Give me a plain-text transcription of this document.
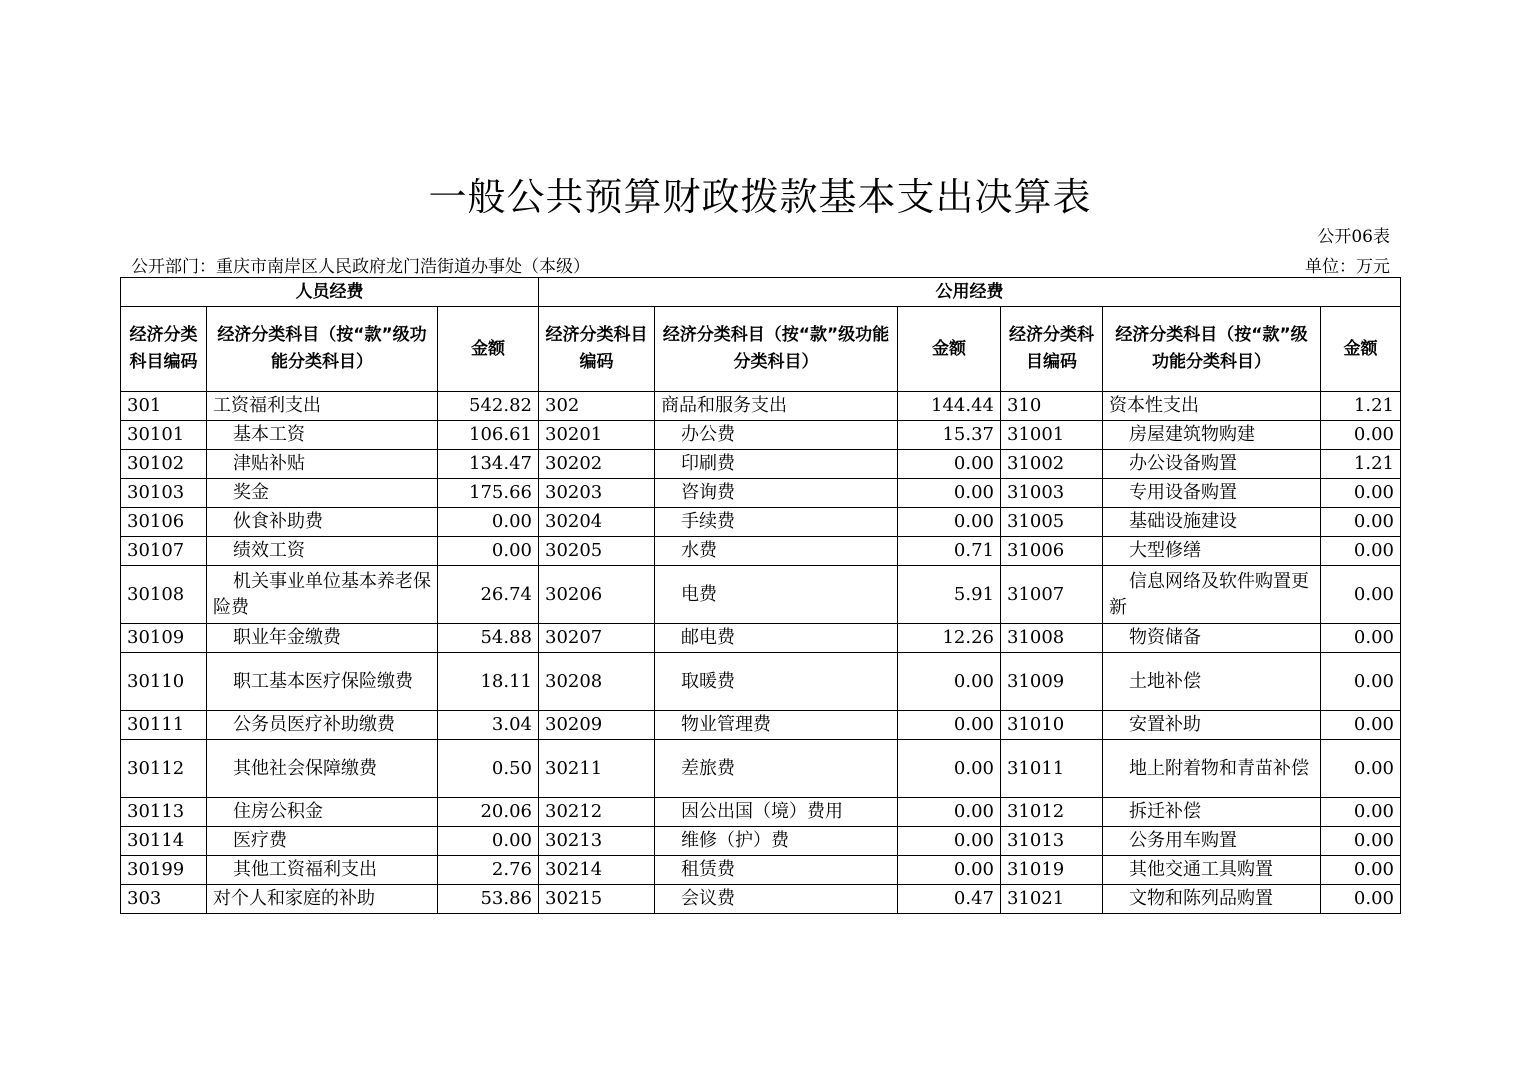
一般公共预算财政拨款基本支出决算表
公开06表
公开部门：重庆市南岸区人民政府龙门浩街道办事处（本级）	单位：万元
人员经费			公用经费					
经济分类科目编码	经济分类科目（按“款”级功能分类科目）	金额	经济分类科目编码	经济分类科目（按“款”级功能分类科目）	金额	经济分类科目编码	经济分类科目（按“款”级功能分类科目）	金额
301	工资福利支出	542.82	302	商品和服务支出	144.44	310	资本性支出	1.21
30101	基本工资	106.61	30201	办公费	15.37	31001	房屋建筑物购建	0.00
30102	津贴补贴	134.47	30202	印刷费	0.00	31002	办公设备购置	1.21
30103	奖金	175.66	30203	咨询费	0.00	31003	专用设备购置	0.00
30106	伙食补助费	0.00	30204	手续费	0.00	31005	基础设施建设	0.00
30107	绩效工资	0.00	30205	水费	0.71	31006	大型修缮	0.00
30108	机关事业单位基本养老保险费	26.74	30206	电费	5.91	31007	信息网络及软件购置更新	0.00
30109	职业年金缴费	54.88	30207	邮电费	12.26	31008	物资储备	0.00
30110	职工基本医疗保险缴费	18.11	30208	取暖费	0.00	31009	土地补偿	0.00
30111	公务员医疗补助缴费	3.04	30209	物业管理费	0.00	31010	安置补助	0.00
30112	其他社会保障缴费	0.50	30211	差旅费	0.00	31011	地上附着物和青苗补偿	0.00
30113	住房公积金	20.06	30212	因公出国（境）费用	0.00	31012	拆迁补偿	0.00
30114	医疗费	0.00	30213	维修（护）费	0.00	31013	公务用车购置	0.00
30199	其他工资福利支出	2.76	30214	租赁费	0.00	31019	其他交通工具购置	0.00
303	对个人和家庭的补助	53.86	30215	会议费	0.47	31021	文物和陈列品购置	0.00
